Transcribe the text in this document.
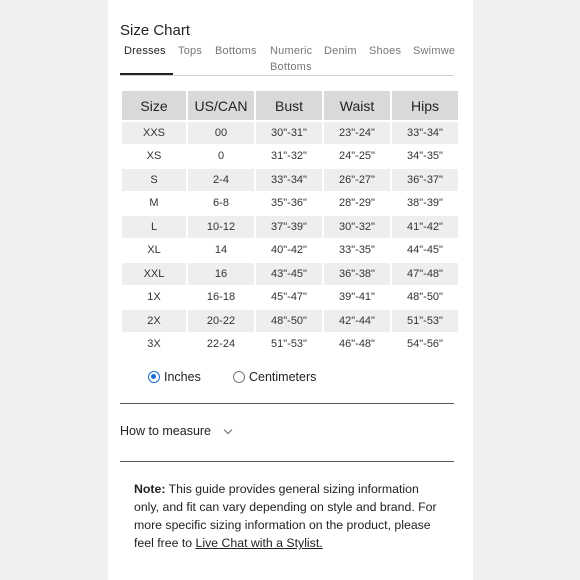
Size Chart
Dresses Tops Bottoms Numeric Bottoms
Denim Shoes Swimwe
Size	US/CAN	Bust	Waist	Hips
XXS	00	30"-31"	23"-24"	33"-34"
XS	0	31"-32"	24"-25"	34"-35"
S	2-4	33"-34"	26"-27"	36"-37"
M	6-8	35"-36"	28"-29"	38"-39"
L	10-12	37"-39"	30"-32"	41"-42"
XL	14	40"-42"	33"-35"	44"-45"
XXL	16	43"-45"	36"-38"	47"-48"
1X	16-18	45"-47"	39"-41"	48"-50"
2X	20-22	48"-50"	42"-44"	51"-53"
3X	22-24	51"-53"	46"-48"	54"-56"
Inches	Centimeters
How to measure
Note: This guide provides general sizing information only, and fit can vary depending on style and brand. For more specific sizing information on the product, please feel free to Live Chat with a Stylist.
